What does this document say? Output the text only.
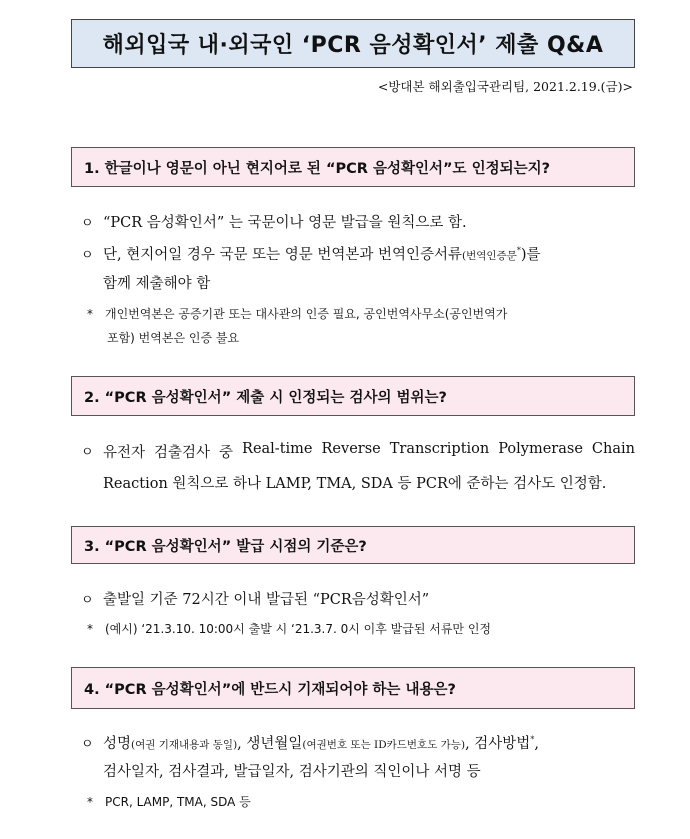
해외입국 내·외국인 ‘PCR 음성확인서’ 제출 Q&A
<방대본 해외출입국관리팀, 2021.2.19.(금)>
1. 한글이나 영문이 아닌 현지어로 된 “PCR 음성확인서”도 인정되는지?
ㅇ “PCR 음성확인서” 는 국문이나 영문 발급을 원칙으로 함.
ㅇ 단, 현지어일 경우 국문 또는 영문 번역본과 번역인증서류(번역인증문*)를
함께 제출해야 함
* 개인번역본은 공증기관 또는 대사관의 인증 필요, 공인번역사무소(공인번역가
포함) 번역본은 인증 불요
2. “PCR 음성확인서” 제출 시 인정되는 검사의 범위는?
ㅇ 유전자 검출검사 중 Real-time Reverse Transcription Polymerase Chain
Reaction 원칙으로 하나 LAMP, TMA, SDA 등 PCR에 준하는 검사도 인정함.
3. “PCR 음성확인서” 발급 시점의 기준은?
ㅇ 출발일 기준 72시간 이내 발급된 “PCR음성확인서”
* (예시) ‘21.3.10. 10:00시 출발 시 ‘21.3.7. 0시 이후 발급된 서류만 인정
4. “PCR 음성확인서”에 반드시 기재되어야 하는 내용은?
ㅇ 성명(여권 기재내용과 동일), 생년월일(여권번호 또는 ID카드번호도 가능), 검사방법*,
검사일자, 검사결과, 발급일자, 검사기관의 직인이나 서명 등
* PCR, LAMP, TMA, SDA 등
